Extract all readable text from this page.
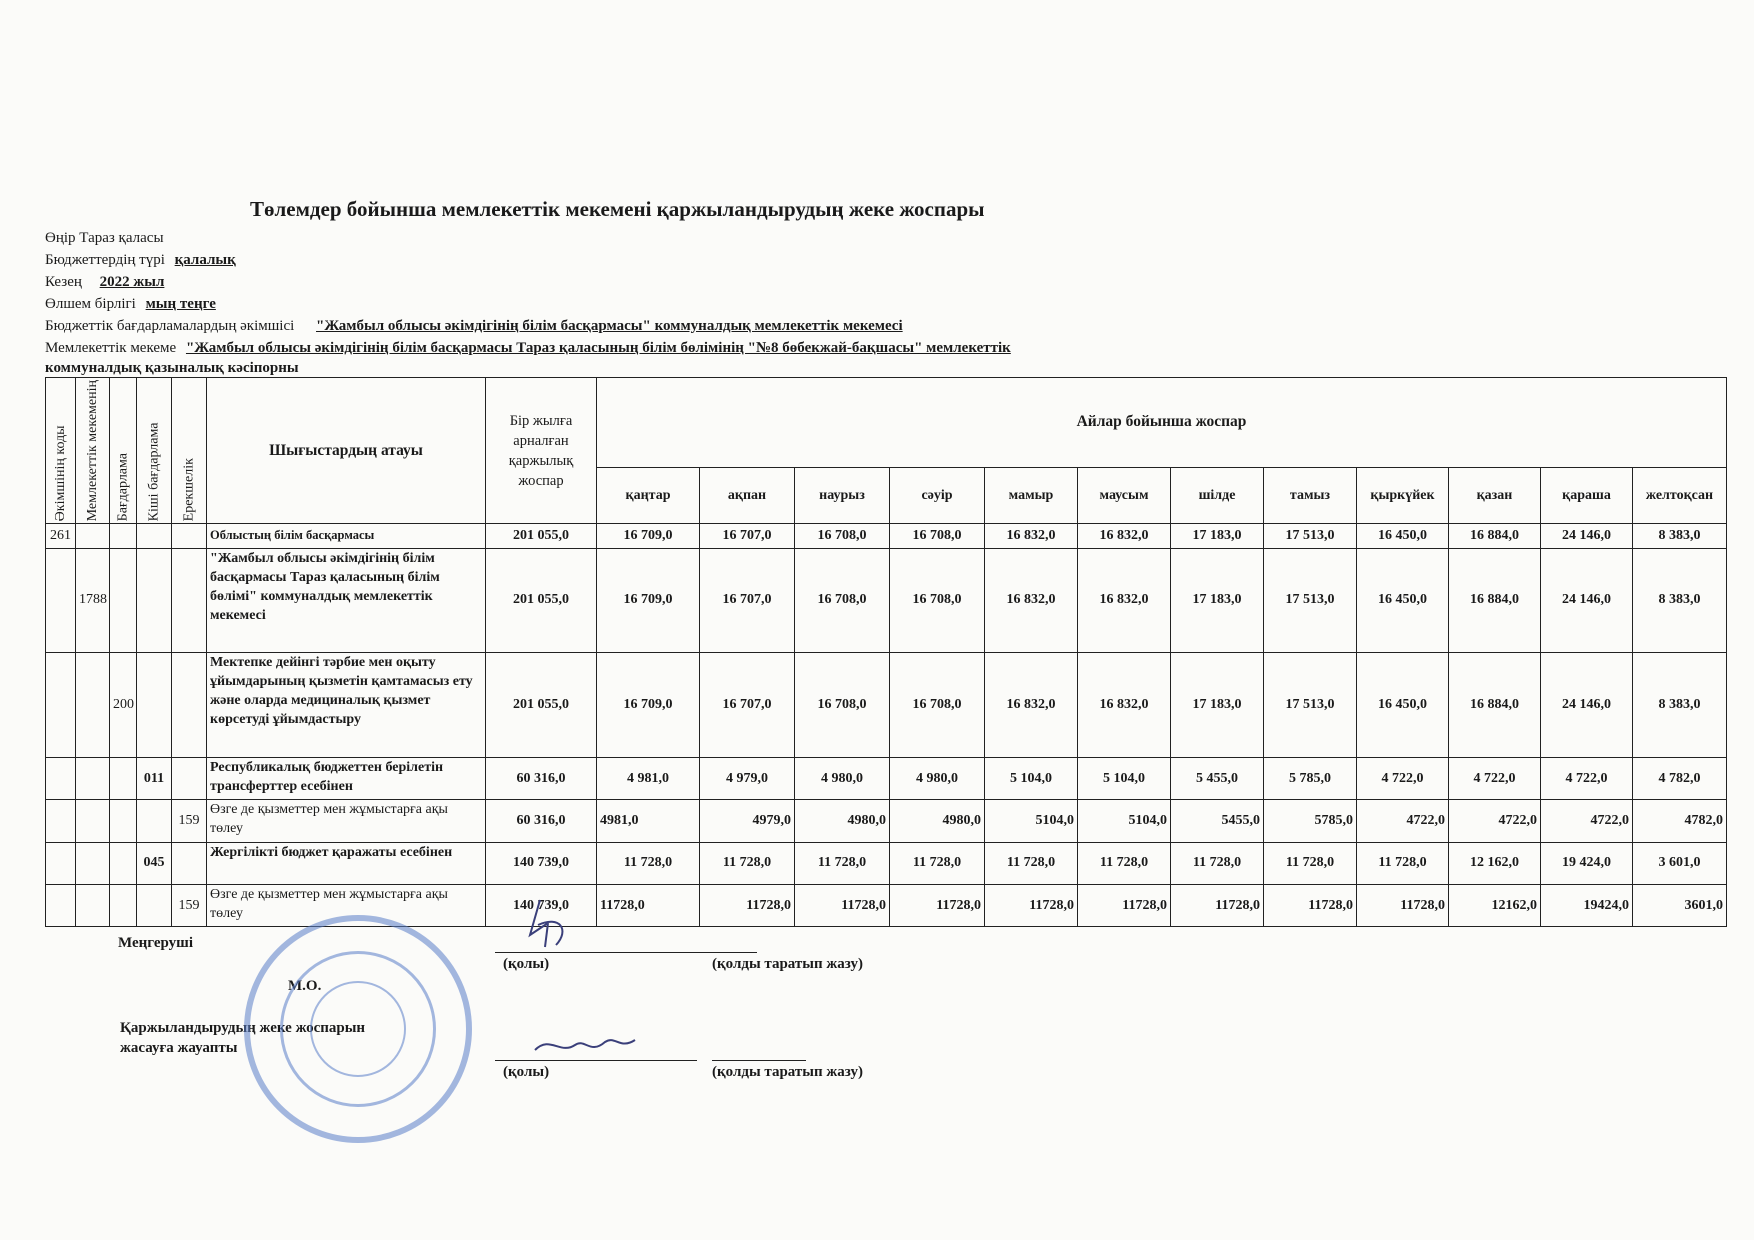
Төлемдер бойынша мемлекеттік мекемені қаржыландырудың жеке жоспары
Өңір Тараз қаласы
Бюджеттердің түрі қалалық
Кезең 2022 жыл
Өлшем бірлігі мың теңге
Бюджеттік бағдарламалардың әкімшісі "Жамбыл облысы әкімдігінің білім басқармасы" коммуналдық мемлекеттік мекемесі
Мемлекеттік мекеме "Жамбыл облысы әкімдігінің білім басқармасы Тараз қаласының білім бөлімінің "№8 бөбекжай-бақшасы" мемлекеттік
коммуналдық қазыналық кәсіпорны
Әкімшінің коды	Мемлекеттік мекеменің	Бағдарлама	Кіші бағдарлама	Ерекшелік	Шығыстардың атауы	Бір жылға арналған қаржылық жоспар	Айлар бойынша жоспар											
							қаңтар	ақпан	наурыз	сәуір	мамыр	маусым	шілде	тамыз	қыркүйек	қазан	қараша	желтоқсан
261					Облыстың білім басқармасы	201 055,0	16 709,0	16 707,0	16 708,0	16 708,0	16 832,0	16 832,0	17 183,0	17 513,0	16 450,0	16 884,0	24 146,0	8 383,0
	1788				"Жамбыл облысы әкімдігінің білім басқармасы Тараз қаласының білім бөлімі" коммуналдық мемлекеттік мекемесі	201 055,0	16 709,0	16 707,0	16 708,0	16 708,0	16 832,0	16 832,0	17 183,0	17 513,0	16 450,0	16 884,0	24 146,0	8 383,0
		200			Мектепке дейінгі тәрбие мен оқыту ұйымдарының қызметін қамтамасыз ету және оларда медициналық қызмет көрсетуді ұйымдастыру	201 055,0	16 709,0	16 707,0	16 708,0	16 708,0	16 832,0	16 832,0	17 183,0	17 513,0	16 450,0	16 884,0	24 146,0	8 383,0
			011		Республикалық бюджеттен берілетін трансферттер есебінен	60 316,0	4 981,0	4 979,0	4 980,0	4 980,0	5 104,0	5 104,0	5 455,0	5 785,0	4 722,0	4 722,0	4 722,0	4 782,0
				159	Өзге де қызметтер мен жұмыстарға ақы төлеу	60 316,0	4981,0	4979,0	4980,0	4980,0	5104,0	5104,0	5455,0	5785,0	4722,0	4722,0	4722,0	4782,0
			045		Жергілікті бюджет қаражаты есебінен	140 739,0	11 728,0	11 728,0	11 728,0	11 728,0	11 728,0	11 728,0	11 728,0	11 728,0	11 728,0	12 162,0	19 424,0	3 601,0
				159	Өзге де қызметтер мен жұмыстарға ақы төлеу	140 739,0	11728,0	11728,0	11728,0	11728,0	11728,0	11728,0	11728,0	11728,0	11728,0	12162,0	19424,0	3601,0
Меңгеруші
М.О.
Қаржыландырудың жеке жоспарын
жасауға жауапты
(қолы)	(қолды таратып жазу)
(қолы)	(қолды таратып жазу)
